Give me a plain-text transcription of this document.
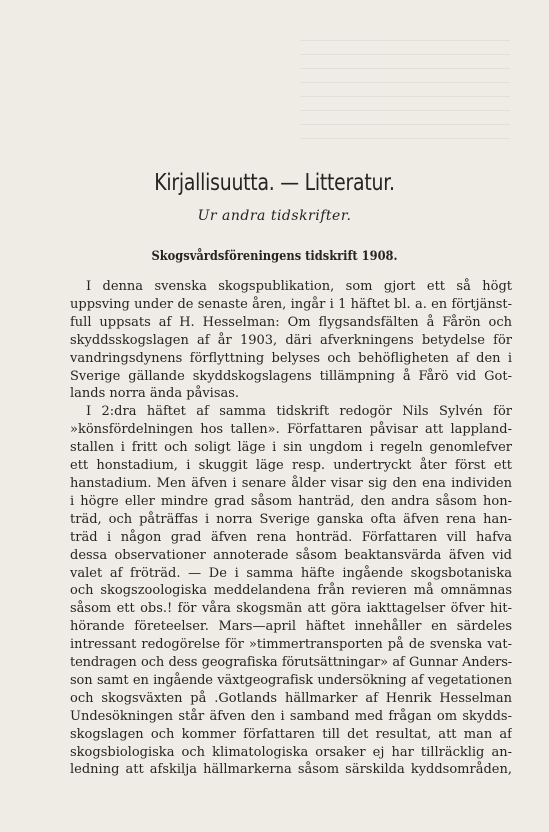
Kirjallisuutta. — Litteratur.
Ur andra tidskrifter.
Skogsvårdsföreningens tidskrift 1908.
I denna svenska skogspublikation, som gjort ett så högt
uppsving under de senaste åren, ingår i 1 häftet bl. a. en förtjänst-
full uppsats af H. Hesselman: Om flygsandsfälten å Fårön och
skyddsskogslagen af år 1903, däri afverkningens betydelse för
vandringsdynens förflyttning belyses och behöfligheten af den i
Sverige gällande skyddskogslagens tillämpning å Fårö vid Got-
lands norra ända påvisas.
I 2:dra häftet af samma tidskrift redogör Nils Sylvén för
»könsfördelningen hos tallen». Författaren påvisar att lappland-
stallen i fritt och soligt läge i sin ungdom i regeln genomlefver
ett honstadium, i skuggit läge resp. undertryckt åter först ett
hanstadium. Men äfven i senare ålder visar sig den ena individen
i högre eller mindre grad såsom hanträd, den andra såsom hon-
träd, och påträffas i norra Sverige ganska ofta äfven rena han-
träd i någon grad äfven rena honträd. Författaren vill hafva
dessa observationer annoterade såsom beaktansvärda äfven vid
valet af fröträd. — De i samma häfte ingående skogsbotaniska
och skogszoologiska meddelandena från revieren må omnämnas
såsom ett obs.! för våra skogsmän att göra iakttagelser öfver hit-
hörande företeelser. Mars—april häftet innehåller en särdeles
intressant redogörelse för »timmertransporten på de svenska vat-
tendragen och dess geografiska förutsättningar» af Gunnar Anders-
son samt en ingående växtgeografisk undersökning af vegetationen
och skogsväxten på .Gotlands hällmarker af Henrik Hesselman
Undesökningen står äfven den i samband med frågan om skydds-
skogslagen och kommer författaren till det resultat, att man af
skogsbiologiska och klimatologiska orsaker ej har tillräcklig an-
ledning att afskilja hällmarkerna såsom särskilda kyddsområden,
